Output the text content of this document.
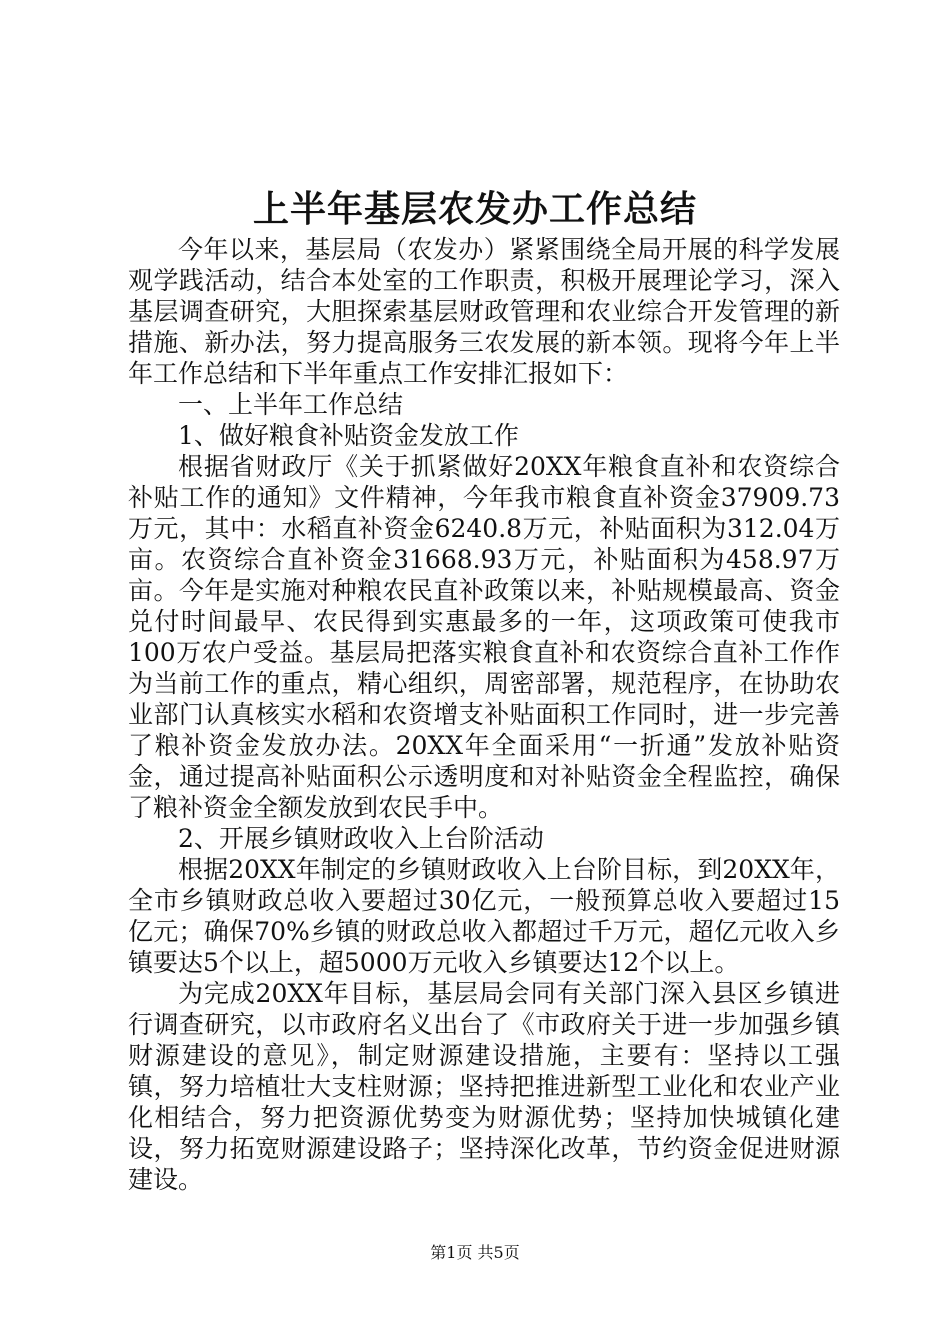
上半年基层农发办工作总结

今年以来，基层局（农发办）紧紧围绕全局开展的科学发展观学践活动，结合本处室的工作职责，积极开展理论学习，深入基层调查研究，大胆探索基层财政管理和农业综合开发管理的新措施、新办法，努力提高服务三农发展的新本领。现将今年上半年工作总结和下半年重点工作安排汇报如下：

一、上半年工作总结

1、做好粮食补贴资金发放工作

根据省财政厅《关于抓紧做好20XX年粮食直补和农资综合补贴工作的通知》文件精神，今年我市粮食直补资金37909.73万元，其中：水稻直补资金6240.8万元，补贴面积为312.04万亩。农资综合直补资金31668.93万元，补贴面积为458.97万亩。今年是实施对种粮农民直补政策以来，补贴规模最高、资金兑付时间最早、农民得到实惠最多的一年，这项政策可使我市100万农户受益。基层局把落实粮食直补和农资综合直补工作作为当前工作的重点，精心组织，周密部署，规范程序，在协助农业部门认真核实水稻和农资增支补贴面积工作同时，进一步完善了粮补资金发放办法。20XX年全面采用“一折通”发放补贴资金，通过提高补贴面积公示透明度和对补贴资金全程监控，确保了粮补资金全额发放到农民手中。

2、开展乡镇财政收入上台阶活动

根据20XX年制定的乡镇财政收入上台阶目标，到20XX年，全市乡镇财政总收入要超过30亿元，一般预算总收入要超过15亿元；确保70%乡镇的财政总收入都超过千万元，超亿元收入乡镇要达5个以上，超5000万元收入乡镇要达12个以上。

为完成20XX年目标，基层局会同有关部门深入县区乡镇进行调查研究，以市政府名义出台了《市政府关于进一步加强乡镇财源建设的意见》，制定财源建设措施，主要有：坚持以工强镇，努力培植壮大支柱财源；坚持把推进新型工业化和农业产业化相结合，努力把资源优势变为财源优势；坚持加快城镇化建设，努力拓宽财源建设路子；坚持深化改革，节约资金促进财源建设。

第1页 共5页
